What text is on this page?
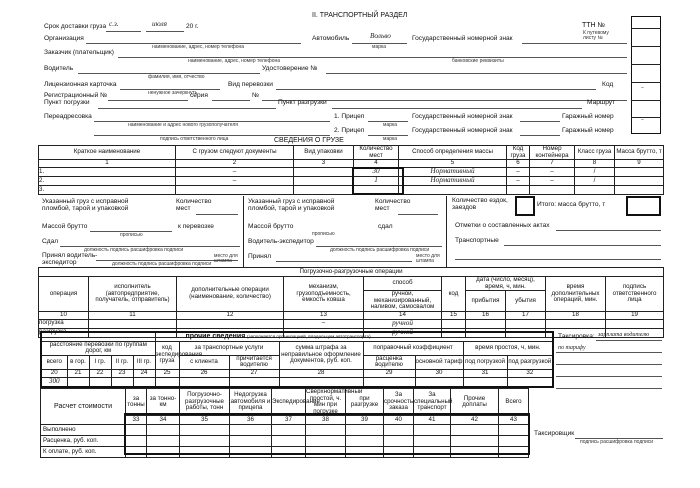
II. ТРАНСПОРТНЫЙ РАЗДЕЛ
ТТН №
К путевому листу №
–
–
Срок доставки груза с.з.	июля	20 г.
Организация
наименование, адрес, номер телефона
Автомобиль	Вольво
марка
Государственный номерной знак
Заказчик (плательщик)
наименование, адрес, номер телефона	банковские реквизиты
Водитель
фамилия, имя, отчество
Удостоверение №
Лицензионная карточка
ненужное зачеркнуть
Вид перевозки	Код
Регистрационный №	серия	№
Пункт погрузки	Пункт разгрузки	Маршрут
Переадресовка
наименование и адрес нового грузополучателя
подпись ответственного лица
1. Прицеп
марка
Государственный номерной знак	Гаражный номер
2. Прицеп
марка
Государственный номерной знак	Гаражный номер
СВЕДЕНИЯ О ГРУЗЕ
Краткое наименование	С грузом следуют документы	Вид упаковки	Количество мест	Способ определения массы	Код груза	Номер контейнера	Класс груза	Масса брутто, т
1	2	3	4	5	6	7	8	9
1.	–		30	Нормативный	–	–	/	
2.	–		1	Нормативный	–	–	/	
3.								
Указанный груз с исправной пломбой, тарой и упаковкой
Количество мест
Массой брутто
прописью
к перевозке
Сдал
должность подпись расшифровка подписи
Принял водитель-экспедитор	должность подпись расшифровка подписи
место для штампа
Указанный груз с исправной пломбой, тарой и упаковкой
Количество мест
Массой брутто
прописью
сдал
Водитель-экспедитор
должность подпись расшифровка подписи
Принял	место для штампа
Количество ездок, заездов	Итого: масса брутто, т
Отметки о составленных актах
Транспортные
Погрузочно-разгрузочные операции									
операция	исполнитель (автопредприятие, получатель, отправитель)	дополнительные операции (наименование, количество)	механизм, грузоподъемность, емкость ковша	способ	код	дата (число, месяц), время, ч, мин.		время дополнительных операций, мин.	подпись ответственного лица
				ручной, механизированный, наливом, самосвалом		прибытия	убытия		
10	11	12	13	14	15	16	17	18	19
погрузка			–	ручной					
разгрузка			–	ручной					
					прочие сведения (заполняется организацией, владельцем автотранспорта)							
расстояние перевозки по группам дорог, км					код экспедирования груза	за транспортные услуги		сумма штрафа за неправильное оформление документов, руб. коп.	поправочный коэффициент		время простоя, ч, мин.	
всего	в гор.	I гр.	II гр.	III гр.		с клиента	причитается водителю		расценка водителю	основной тариф	под погрузкой	под разгрузкой
20	21	22	23	24	25	26	27	28	29	30	31	32
300												
Таксировка: зарплата водителю
по тарифу
Расчет стоимости	за тонны	за тонно-км	Погрузочно-разгрузочные работы, тонн	Недогрузка автомобиля и прицепа	Экспедирование	Сверхнормативный простой, ч. мин при погрузке	при разгрузке	За срочность заказа	За специальный транспорт	Прочие доплаты	Всего
	33	34	35	36	37	38	39	40	41	42	43
Выполнено											
Расценка, руб. коп.											
К оплате, руб. коп.											
Таксировщик
подпись расшифровка подписи
